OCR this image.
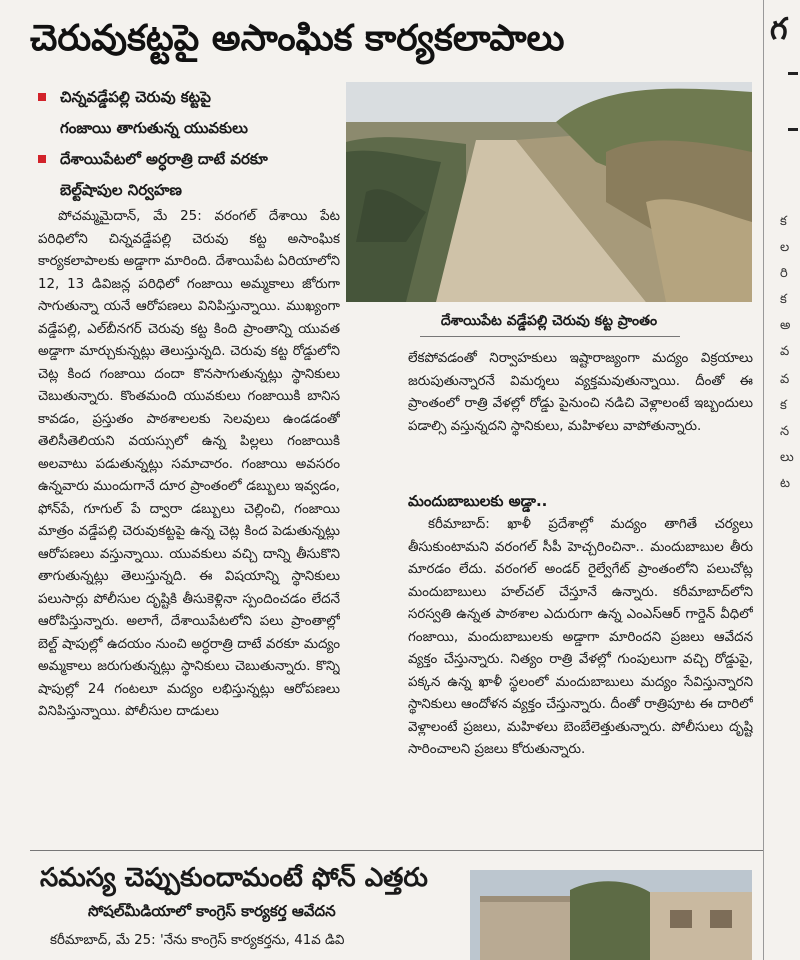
చెరువుకట్టపై అసాంఘిక కార్యకలాపాలు
చిన్నవడ్డేపల్లి చెరువు కట్టపై
గంజాయి తాగుతున్న యువకులు
దేశాయిపేటలో అర్ధరాత్రి దాటే వరకూ
బెల్ట్‌షాపుల నిర్వహణ
దేశాయిపేట వడ్డేపల్లి చెరువు కట్ట ప్రాంతం
పోచమ్మమైదాన్, మే 25: వరంగల్ దేశాయి పేట పరిధిలోని చిన్నవడ్డేపల్లి చెరువు కట్ట అసాంఘిక కార్యకలాపాలకు అడ్డాగా మారింది. దేశాయిపేట ఏరియాలోని 12, 13 డివిజన్ల పరిధిలో గంజాయి అమ్మకాలు జోరుగా సాగుతున్నా యనే ఆరోపణలు వినిపిస్తున్నాయి. ముఖ్యంగా వడ్డేపల్లి, ఎల్‌బీనగర్ చెరువు కట్ట కింది ప్రాంతాన్ని యువత అడ్డాగా మార్చుకున్నట్లు తెలుస్తున్నది. చెరువు కట్ట రోడ్డులోని చెట్ల కింద గంజాయి దందా కొనసాగుతున్నట్లు స్థానికులు చెబుతున్నారు. కొంతమంది యువకులు గంజాయికి బానిస కావడం, ప్రస్తుతం పాఠశాలలకు సెలవులు ఉండడంతో తెలిసీతెలియని వయస్సులో ఉన్న పిల్లలు గంజాయికి అలవాటు పడుతున్నట్లు సమాచారం. గంజాయి అవసరం ఉన్నవారు ముందుగానే దూర ప్రాంతంలో డబ్బులు ఇవ్వడం, ఫోన్‌పే, గూగుల్ పే ద్వారా డబ్బులు చెల్లించి, గంజాయి మాత్రం వడ్డేపల్లి చెరువుకట్టపై ఉన్న చెట్ల కింద పెడుతున్నట్లు ఆరోపణలు వస్తున్నాయి. యువకులు వచ్చి దాన్ని తీసుకొని తాగుతున్నట్లు తెలుస్తున్నది. ఈ విషయాన్ని స్థానికులు పలుసార్లు పోలీసుల దృష్టికి తీసుకెళ్లినా స్పందించడం లేదనే ఆరోపిస్తున్నారు. అలాగే, దేశాయిపేటలోని పలు ప్రాంతాల్లో బెల్ట్ షాపుల్లో ఉదయం నుంచి అర్ధరాత్రి దాటే వరకూ మద్యం అమ్మకాలు జరుగుతున్నట్లు స్థానికులు చెబుతున్నారు. కొన్ని షాపుల్లో 24 గంటలూ మద్యం లభిస్తున్నట్లు ఆరోపణలు వినిపిస్తున్నాయి. పోలీసుల దాడులు
లేకపోవడంతో నిర్వాహకులు ఇష్టారాజ్యంగా మద్యం విక్రయాలు జరుపుతున్నారనే విమర్శలు వ్యక్తమవుతున్నాయి. దీంతో ఈ ప్రాంతంలో రాత్రి వేళల్లో రోడ్డు పైనుంచి నడిచి వెళ్లాలంటే ఇబ్బందులు పడాల్సి వస్తున్నదని స్థానికులు, మహిళలు వాపోతున్నారు.
మందుబాబులకు అడ్డా..
కరీమాబాద్: ఖాళీ ప్రదేశాల్లో మద్యం తాగితే చర్యలు తీసుకుంటామని వరంగల్ సీపీ హెచ్చరించినా.. మందుబాబుల తీరు మారడం లేదు. వరంగల్ అండర్ రైల్వేగేట్ ప్రాంతంలోని పలుచోట్ల మందుబాబులు హల్‌చల్ చేస్తూనే ఉన్నారు. కరీమాబాద్‌లోని సరస్వతి ఉన్నత పాఠశాల ఎదురుగా ఉన్న ఎంఎస్‌ఆర్ గార్డెన్ వీధిలో గంజాయి, మందుబాబులకు అడ్డాగా మారిందని ప్రజలు ఆవేదన వ్యక్తం చేస్తున్నారు. నిత్యం రాత్రి వేళల్లో గుంపులుగా వచ్చి రోడ్డుపై, పక్కన ఉన్న ఖాళీ స్థలంలో మందుబాబులు మద్యం సేవిస్తున్నారని స్థానికులు ఆందోళన వ్యక్తం చేస్తున్నారు. దీంతో రాత్రిపూట ఈ దారిలో వెళ్లాలంటే ప్రజలు, మహిళలు బెంబేలెత్తుతున్నారు. పోలీసులు దృష్టి సారించాలని ప్రజలు కోరుతున్నారు.
సమస్య చెప్పుకుందామంటే ఫోన్ ఎత్తరు
సోషల్‌మీడియాలో కాంగ్రెస్ కార్యకర్త ఆవేదన
కరీమాబాద్, మే 25: 'నేను కాంగ్రెస్ కార్యకర్తను, 41వ డివి
గ
క
ల
రి
క
అ
వ
వ
క
న
లు
ట
